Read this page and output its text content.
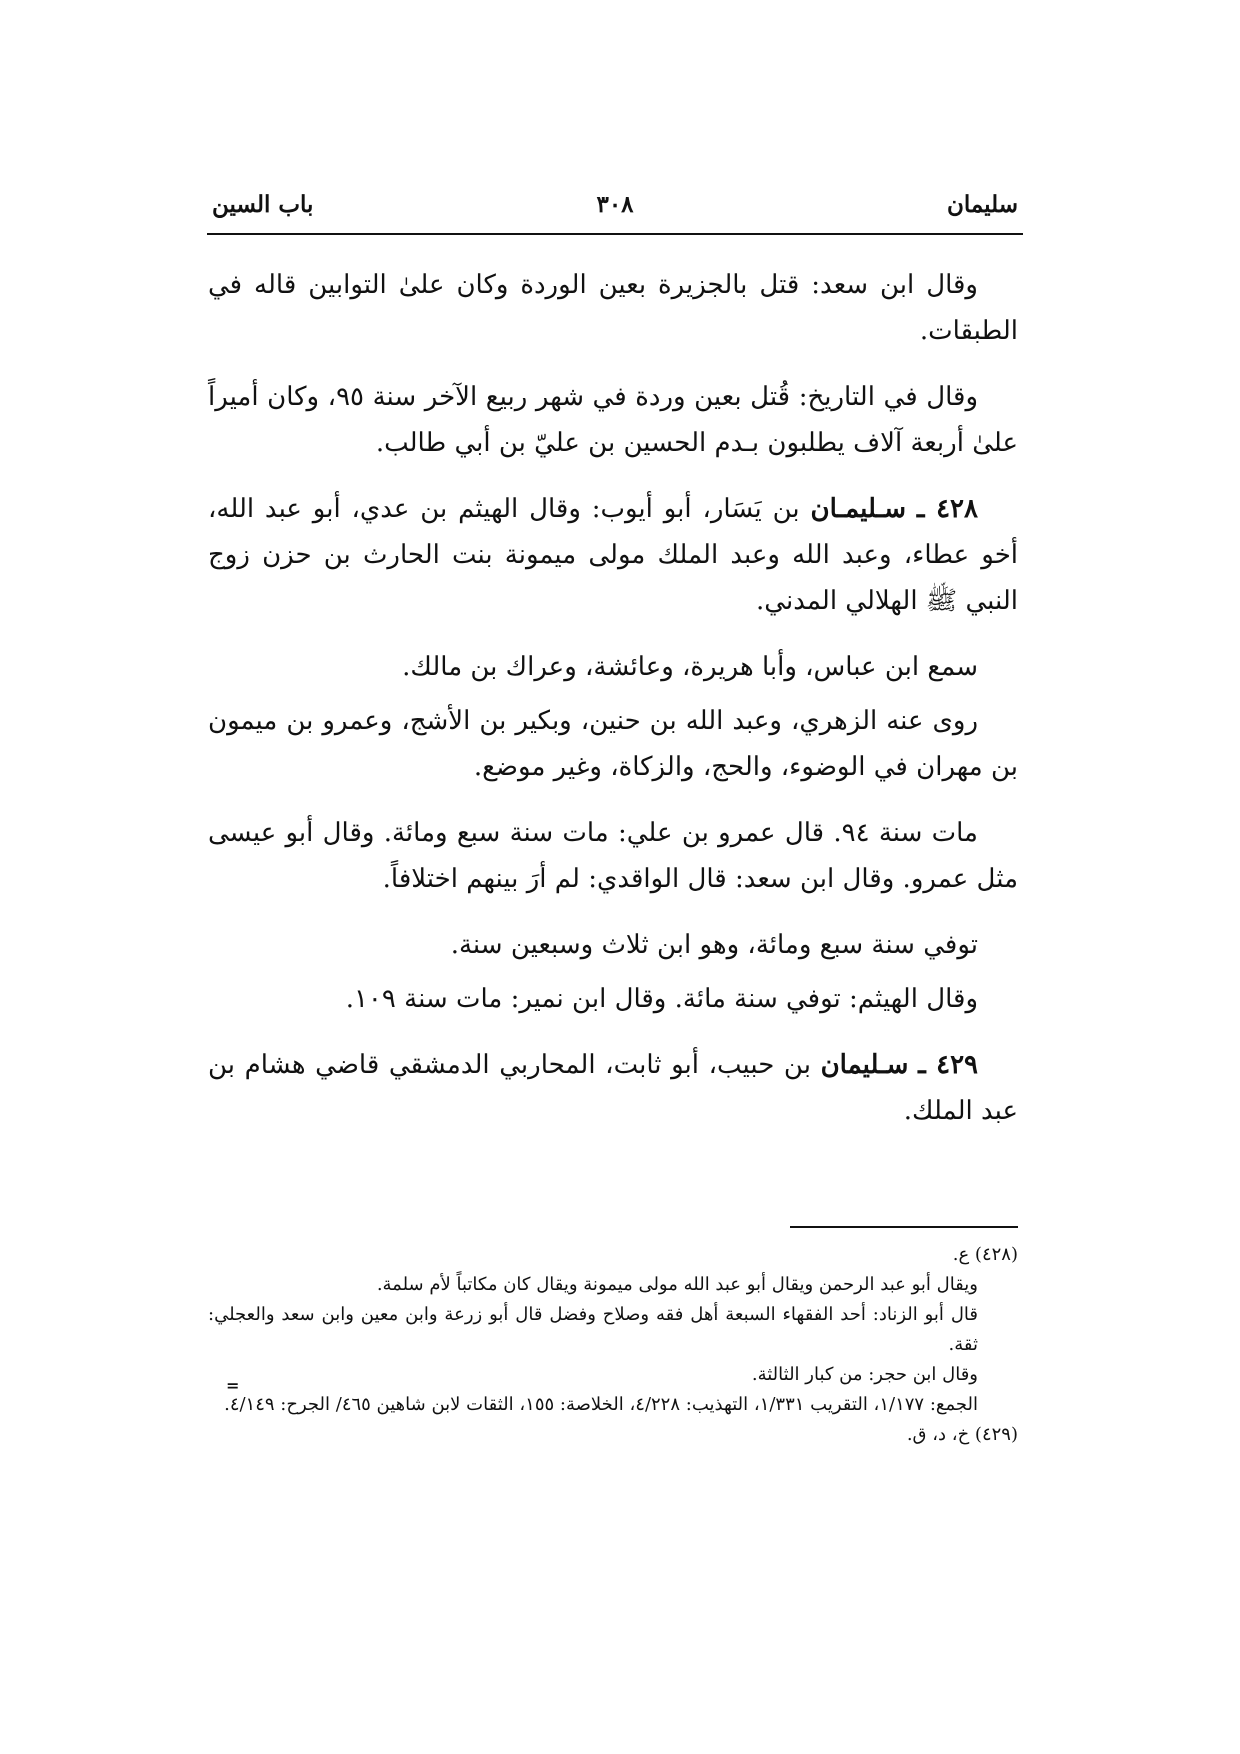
سليمان
٣٠٨
باب السين

وقال ابن سعد: قتل بالجزيرة بعين الوردة وكان علىٰ التوابين قاله في الطبقات.

وقال في التاريخ: قُتل بعين وردة في شهر ربيع الآخر سنة ٩٥، وكان أميراً علىٰ أربعة آلاف يطلبون بـدم الحسين بن عليّ بن أبي طالب.

٤٢٨ ـ سـليمـان بن يَسَار، أبو أيوب: وقال الهيثم بن عدي، أبو عبد الله، أخو عطاء، وعبد الله وعبد الملك مولى ميمونة بنت الحارث بن حزن زوج النبي ﷺ الهلالي المدني.

سمع ابن عباس، وأبا هريرة، وعائشة، وعراك بن مالك.

روى عنه الزهري، وعبد الله بن حنين، وبكير بن الأشج، وعمرو بن ميمون بن مهران في الوضوء، والحج، والزكاة، وغير موضع.

مات سنة ٩٤. قال عمرو بن علي: مات سنة سبع ومائة. وقال أبو عيسى مثل عمرو. وقال ابن سعد: قال الواقدي: لم أرَ بينهم اختلافاً.

توفي سنة سبع ومائة، وهو ابن ثلاث وسبعين سنة.

وقال الهيثم: توفي سنة مائة. وقال ابن نمير: مات سنة ١٠٩.

٤٢٩ ـ سـليمان بن حبيب، أبو ثابت، المحاربي الدمشقي قاضي هشام بن عبد الملك.

(٤٢٨) ع.

ويقال أبو عبد الرحمن ويقال أبو عبد الله مولى ميمونة ويقال كان مكاتباً لأم سلمة.

قال أبو الزناد: أحد الفقهاء السبعة أهل فقه وصلاح وفضل قال أبو زرعة وابن معين وابن سعد والعجلي: ثقة.

وقال ابن حجر: من كبار الثالثة.

الجمع: ١/١٧٧، التقريب ١/٣٣١، التهذيب: ٤/٢٢٨، الخلاصة: ١٥٥، الثقات لابن شاهين ٤٦٥/ الجرح: ٤/١٤٩.

(٤٢٩) خ، د، ق.

=
